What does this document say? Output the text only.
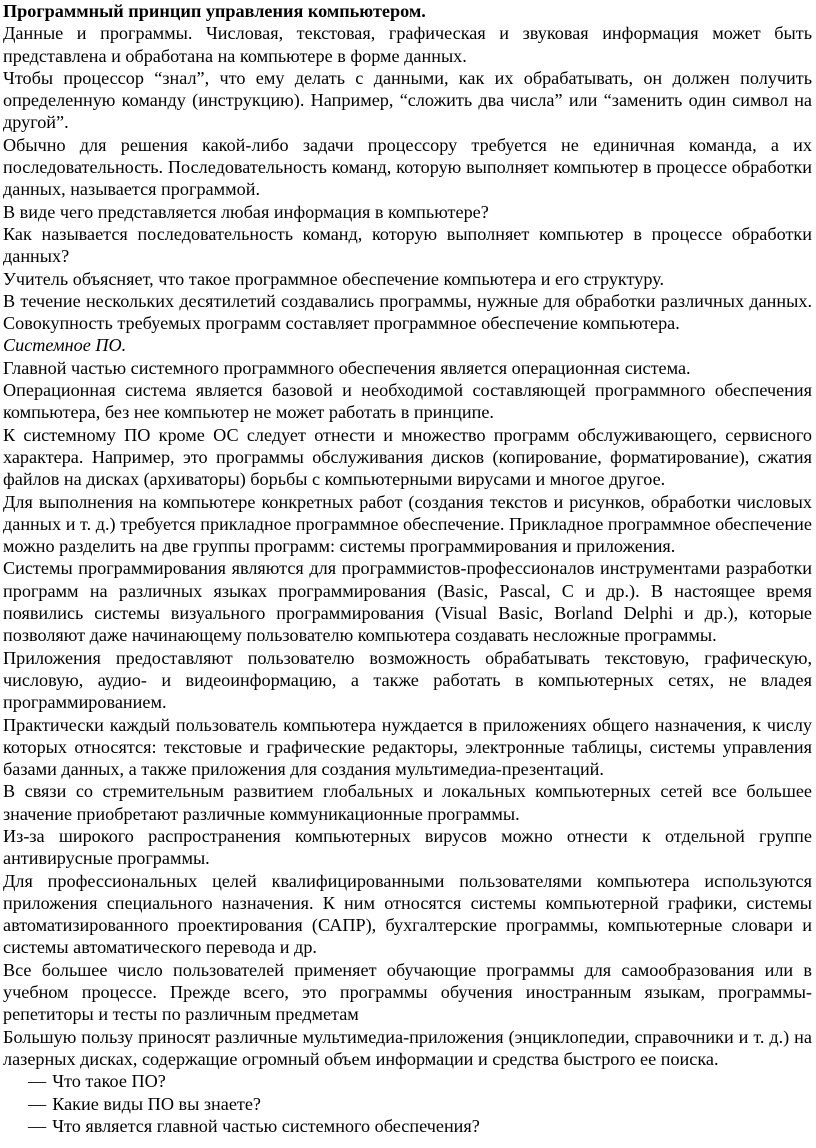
Программный принцип управления компьютером.

Данные и программы. Числовая, текстовая, графическая и звуковая информация может быть представлена и обработана на компьютере в форме данных.

Чтобы процессор “знал”, что ему делать с данными, как их обрабатывать, он должен получить определенную команду (инструкцию). Например, “сложить два числа” или “заменить один символ на другой”.

Обычно для решения какой-либо задачи процессору требуется не единичная команда, а их последовательность. Последовательность команд, которую выполняет компьютер в процессе обработки данных, называется программой.

В виде чего представляется любая информация в компьютере?

Как называется последовательность команд, которую выполняет компьютер в процессе обработки данных?

Учитель объясняет, что такое программное обеспечение компьютера и его структуру.

В течение нескольких десятилетий создавались программы, нужные для обработки различных данных. Совокупность требуемых программ составляет программное обеспечение компьютера.

Системное ПО.

Главной частью системного программного обеспечения является операционная система.

Операционная система является базовой и необходимой составляющей программного обеспечения компьютера, без нее компьютер не может работать в принципе.

К системному ПО кроме ОС следует отнести и множество программ обслуживающего, сервисного характера. Например, это программы обслуживания дисков (копирование, форматирование), сжатия файлов на дисках (архиваторы) борьбы с компьютерными вирусами и многое другое.

Для выполнения на компьютере конкретных работ (создания текстов и рисунков, обработки числовых данных и т. д.) требуется прикладное программное обеспечение. Прикладное программное обеспечение можно разделить на две группы программ: системы программирования и приложения.

Системы программирования являются для программистов-профессионалов инструментами разработки программ на различных языках программирования (Basic, Pascal, С и др.). В настоящее время появились системы визуального программирования (Visual Basic, Borland Delphi и др.), которые позволяют даже начинающему пользователю компьютера создавать несложные программы.

Приложения предоставляют пользователю возможность обрабатывать текстовую, графическую, числовую, аудио- и видеоинформацию, а также работать в компьютерных сетях, не владея программированием.

Практически каждый пользователь компьютера нуждается в приложениях общего назначения, к числу которых относятся: текстовые и графические редакторы, электронные таблицы, системы управления базами данных, а также приложения для создания мультимедиа-презентаций.

В связи со стремительным развитием глобальных и локальных компьютерных сетей все большее значение приобретают различные коммуникационные программы.

Из-за широкого распространения компьютерных вирусов можно отнести к отдельной группе антивирусные программы.

Для профессиональных целей квалифицированными пользователями компьютера используются приложения специального назначения. К ним относятся системы компьютерной графики, системы автоматизированного проектирования (САПР), бухгалтерские программы, компьютерные словари и системы автоматического перевода и др.

Все большее число пользователей применяет обучающие программы для самообразования или в учебном процессе. Прежде всего, это программы обучения иностранным языкам, программы-репетиторы и тесты по различным предметам

Большую пользу приносят различные мультимедиа-приложения (энциклопедии, справочники и т. д.) на лазерных дисках, содержащие огромный объем информации и средства быстрого ее поиска.

— Что такое ПО?
— Какие виды ПО вы знаете?
— Что является главной частью системного обеспечения?
